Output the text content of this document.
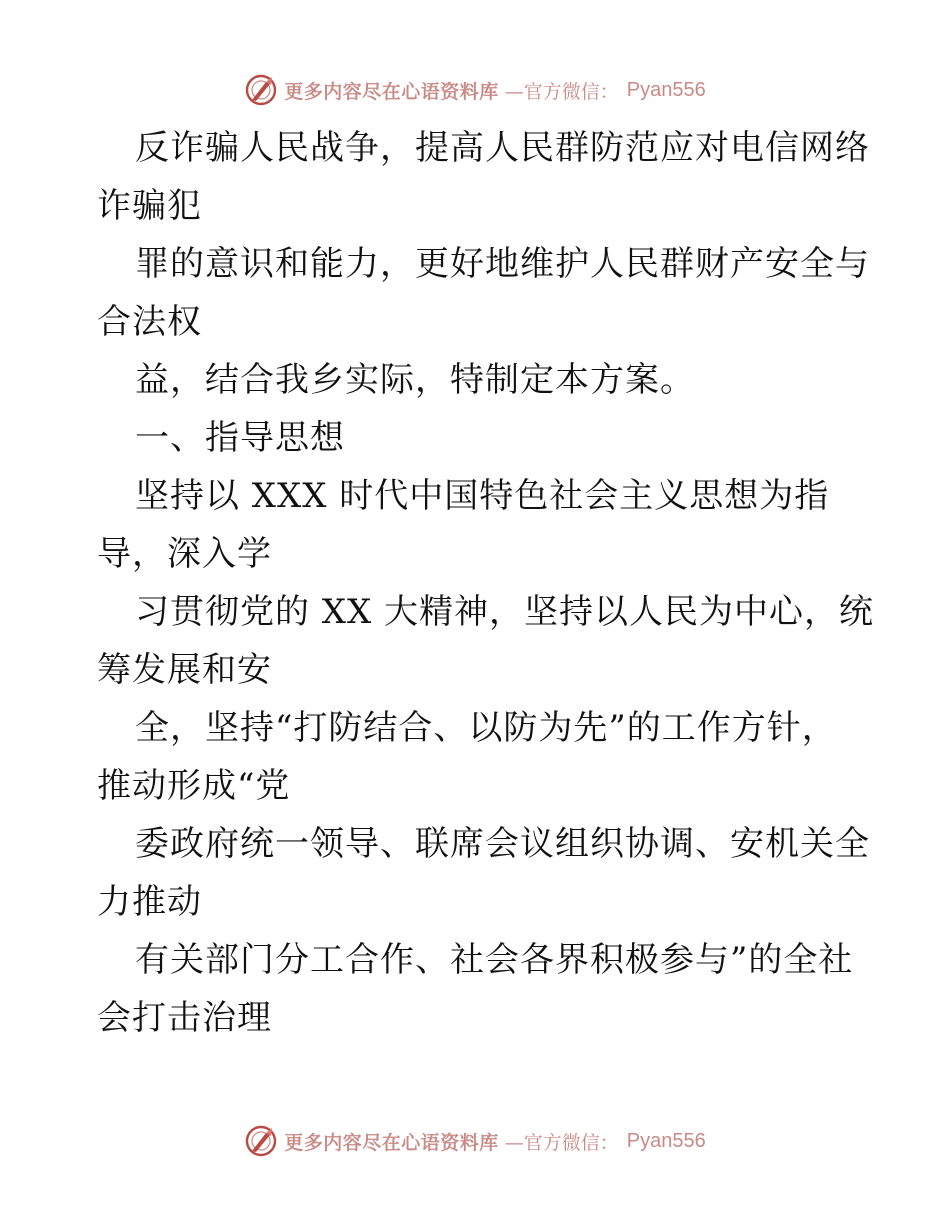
更多内容尽在心语资料库 —官方微信： Pyan556
反诈骗人民战争，提高人民群防范应对电信网络
诈骗犯
罪的意识和能力，更好地维护人民群财产安全与
合法权
益，结合我乡实际，特制定本方案。
一、指导思想
坚持以 XXX 时代中国特色社会主义思想为指
导，深入学
习贯彻党的 XX 大精神，坚持以人民为中心，统
筹发展和安
全，坚持“打防结合、以防为先”的工作方针，
推动形成“党
委政府统一领导、联席会议组织协调、安机关全
力推动
有关部门分工合作、社会各界积极参与”的全社
会打击治理
更多内容尽在心语资料库 —官方微信： Pyan556
